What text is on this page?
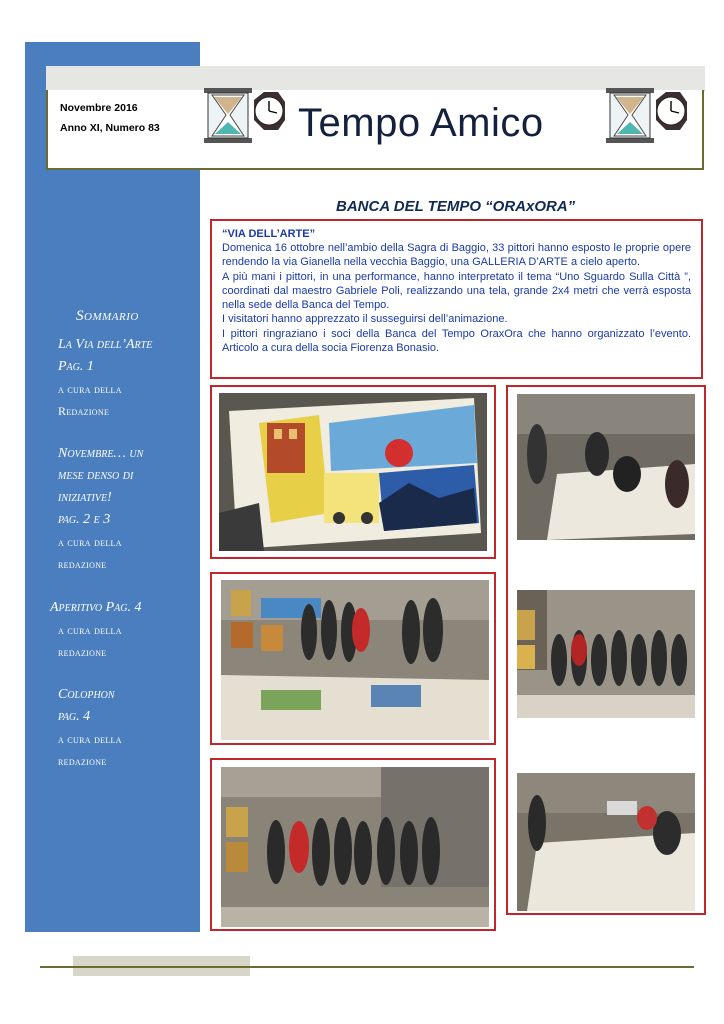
Novembre 2016
Anno XI, Numero 83	Tempo Amico
Sommario
La Via dell’Arte
Pag. 1
a cura della
Redazione
Novembre… un
mese denso di
iniziative!
pag. 2 e 3
a cura della
redazione
Aperitivo Pag. 4
a cura della
redazione
Colophon
pag. 4
a cura della
redazione
BANCA DEL TEMPO “ORAxORA”
“VIA DELL’ARTE”

Domenica 16 ottobre nell’ambio della Sagra di Baggio, 33 pittori hanno esposto le proprie opere rendendo la via Gianella nella vecchia Baggio, una GALLERIA D’ARTE a cielo aperto.

A più mani i pittori, in una performance, hanno interpretato il tema “Uno Sguardo Sulla Città ”, coordinati dal maestro Gabriele Poli, realizzando una tela, grande 2x4 metri che verrà esposta nella sede della Banca del Tempo.

I visitatori hanno apprezzato il susseguirsi dell’animazione.

I pittori ringraziano i soci della Banca del Tempo OraxOra che hanno organizzato l’evento. Articolo a cura della socia Fiorenza Bonasio.
